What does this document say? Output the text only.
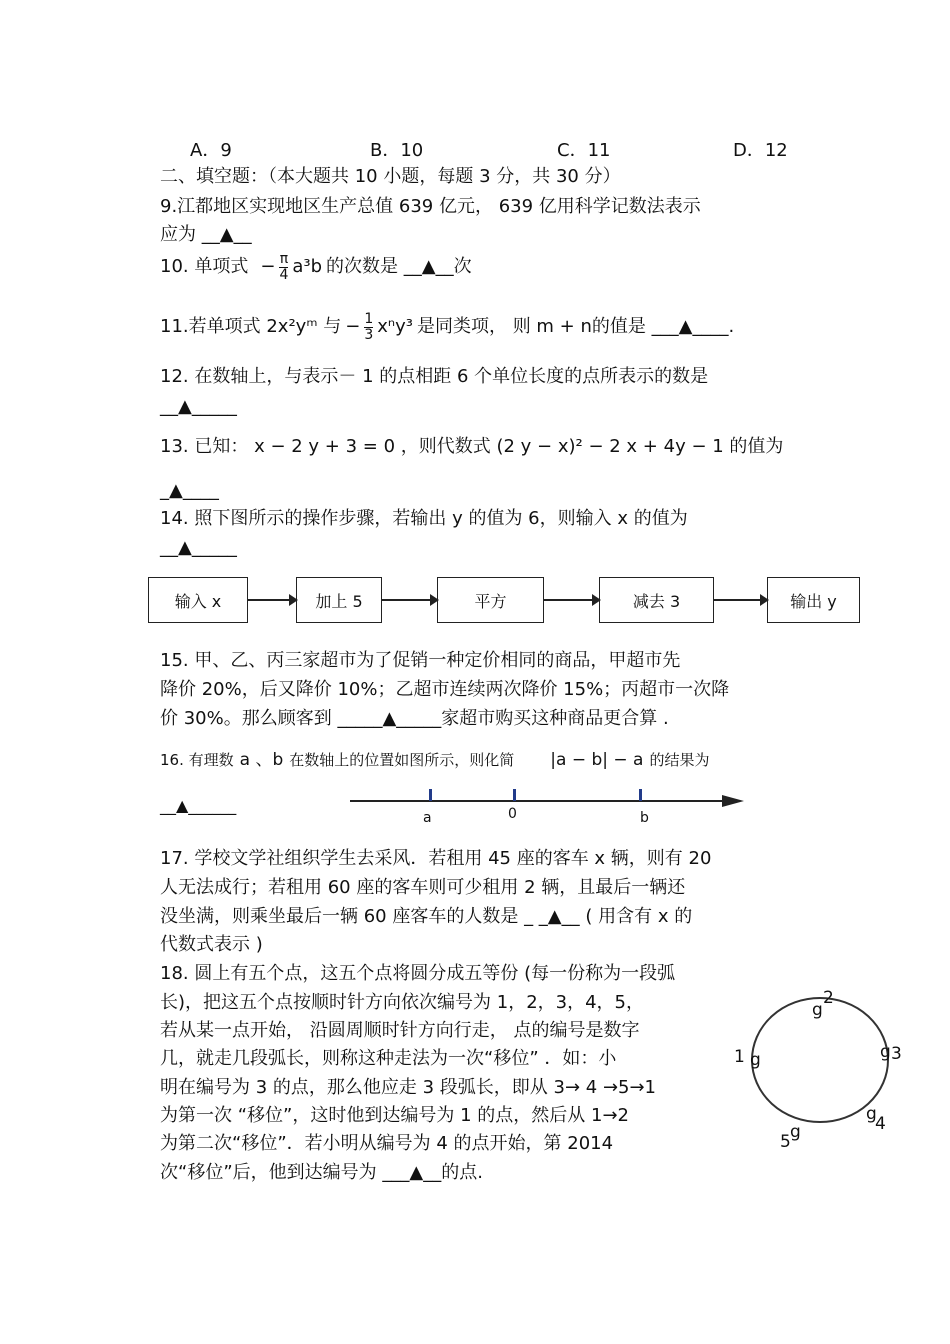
A．9	B．10	C．11	D．12
二、填空题：（本大题共 10 小题，每题 3 分，共 30 分）
9.江都地区实现地区生产总值 639 亿元， 639 亿用科学记数法表示
应为 __▲__
10. 单项式 − $\frac{\pi}{4} a^3b$ 的次数是 __▲__次
11.若单项式 2x²yᵐ 与 − $\frac{1}{3} x^ny^3$ 是同类项， 则 m + n的值是 ___▲____.
12. 在数轴上，与表示－ 1 的点相距 6 个单位长度的点所表示的数是
__▲_____
13. 已知： x − 2 y + 3 = 0 ，则代数式 (2 y − x)² − 2 x + 4y − 1 的值为
_▲____
14. 照下图所示的操作步骤，若输出 y 的值为 6，则输入 x 的值为
__▲_____
输入 x	加上 5	平方	减去 3	输出 y
15. 甲、乙、丙三家超市为了促销一种定价相同的商品，甲超市先
降价 20%，后又降价 10%；乙超市连续两次降价 15%；丙超市一次降
价 30%。那么顾客到 _____▲_____家超市购买这种商品更合算 .
16. 有理数 a 、b 在数轴上的位置如图所示，则化简 |a − b| − a 的结果为
__▲______
a	0	b
17. 学校文学社组织学生去采风．若租用 45 座的客车 x 辆，则有 20
人无法成行；若租用 60 座的客车则可少租用 2 辆，且最后一辆还
没坐满，则乘坐最后一辆 60 座客车的人数是 _ _▲__ ( 用含有 x 的
代数式表示 )
18. 圆上有五个点，这五个点将圆分成五等份 (每一份称为一段弧
长)，把这五个点按顺时针方向依次编号为 1，2，3，4，5，
若从某一点开始， 沿圆周顺时针方向行走， 点的编号是数字
几，就走几段弧长，则称这种走法为一次“移位” ．如：小
明在编号为 3 的点，那么他应走 3 段弧长，即从 3→ 4 →5→1
为第一次 “移位”，这时他到达编号为 1 的点，然后从 1→2
为第二次“移位”．若小明从编号为 4 的点开始，第 2014
次“移位”后，他到达编号为 ___▲__的点.
g
2
g 3
g
4
g
5
g
1
